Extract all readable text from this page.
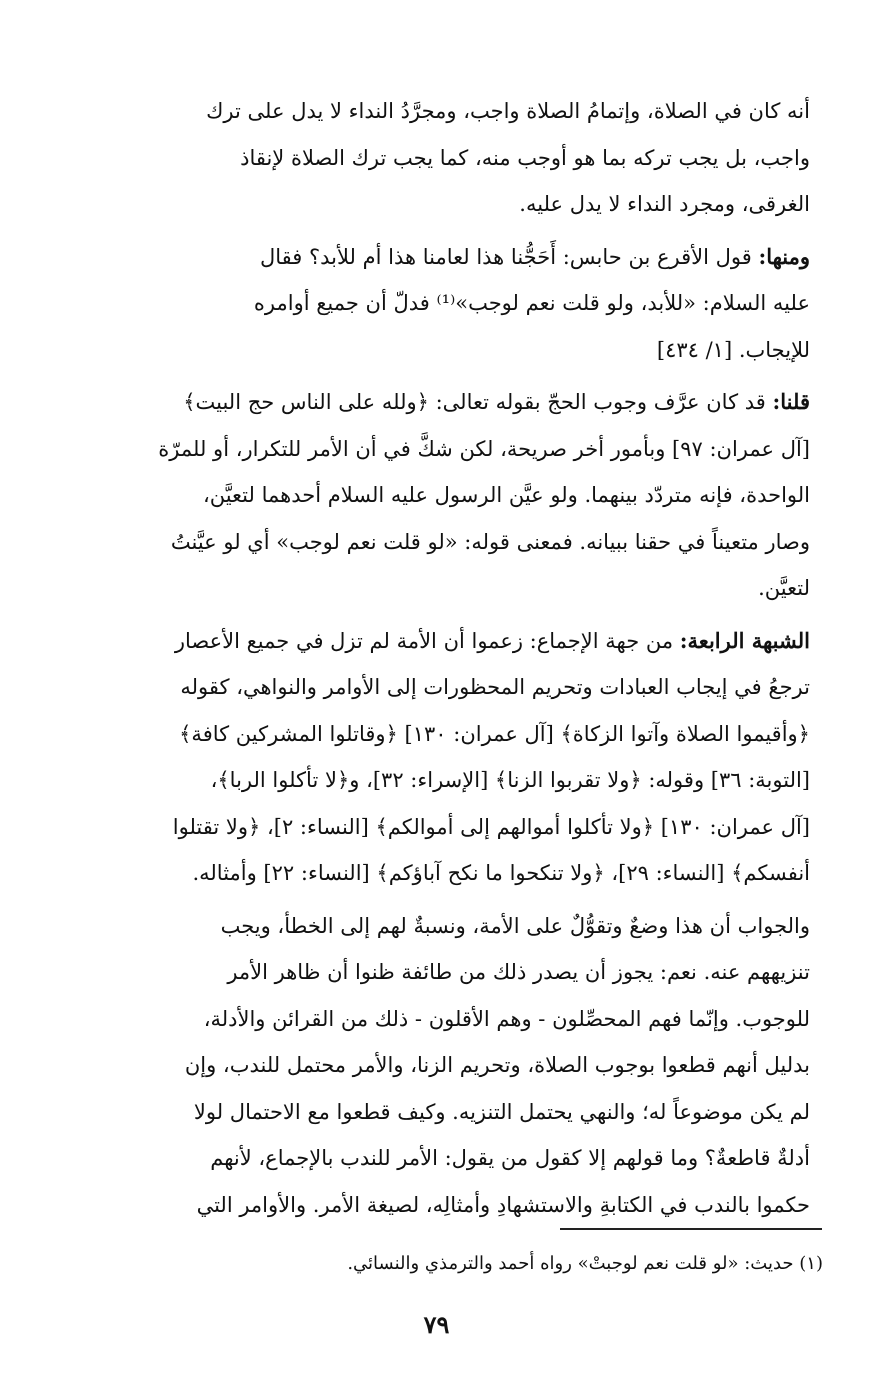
أنه كان في الصلاة، وإتمامُ الصلاة واجب، ومجرَّدُ النداء لا يدل على ترك
واجب، بل يجب تركه بما هو أوجب منه، كما يجب ترك الصلاة لإنقاذ
الغرقى، ومجرد النداء لا يدل عليه.

ومنها: قول الأقرع بن حابس: أَحَجُّنا هذا لعامنا هذا أم للأبد؟ فقال
عليه السلام: «للأبد، ولو قلت نعم لوجب»⁽¹⁾ فدلّ أن جميع أوامره
للإيجاب. [١/ ٤٣٤]

قلنا: قد كان عرَّف وجوب الحجّ بقوله تعالى: ﴿ولله على الناس حج البيت﴾
[آل عمران: ٩٧] وبأمور أخر صريحة، لكن شكَّ في أن الأمر للتكرار، أو للمرّة
الواحدة، فإنه متردّد بينهما. ولو عيَّن الرسول عليه السلام أحدهما لتعيَّن،
وصار متعيناً في حقنا ببيانه. فمعنى قوله: «لو قلت نعم لوجب» أي لو عيَّنتُ
لتعيَّن.

الشبهة الرابعة: من جهة الإجماع: زعموا أن الأمة لم تزل في جميع الأعصار
ترجعُ في إيجاب العبادات وتحريم المحظورات إلى الأوامر والنواهي، كقوله
﴿وأقيموا الصلاة وآتوا الزكاة﴾ [آل عمران: ١٣٠] ﴿وقاتلوا المشركين كافة﴾
[التوبة: ٣٦] وقوله: ﴿ولا تقربوا الزنا﴾ [الإسراء: ٣٢]، و﴿لا تأكلوا الربا﴾،
[آل عمران: ١٣٠] ﴿ولا تأكلوا أموالهم إلى أموالكم﴾ [النساء: ٢]، ﴿ولا تقتلوا
أنفسكم﴾ [النساء: ٢٩]، ﴿ولا تنكحوا ما نكح آباؤكم﴾ [النساء: ٢٢] وأمثاله.

والجواب أن هذا وضعٌ وتقوُّلٌ على الأمة، ونسبةٌ لهم إلى الخطأ، ويجب
تنزيههم عنه. نعم: يجوز أن يصدر ذلك من طائفة ظنوا أن ظاهر الأمر
للوجوب. وإنّما فهم المحصِّلون - وهم الأقلون - ذلك من القرائن والأدلة،
بدليل أنهم قطعوا بوجوب الصلاة، وتحريم الزنا، والأمر محتمل للندب، وإن
لم يكن موضوعاً له؛ والنهي يحتمل التنزيه. وكيف قطعوا مع الاحتمال لولا
أدلةٌ قاطعةٌ؟ وما قولهم إلا كقول من يقول: الأمر للندب بالإجماع، لأنهم
حكموا بالندب في الكتابةِ والاستشهادِ وأمثالِه، لصيغة الأمر. والأوامر التي

(١) حديث: «لو قلت نعم لوجبتْ» رواه أحمد والترمذي والنسائي.
٧٩
